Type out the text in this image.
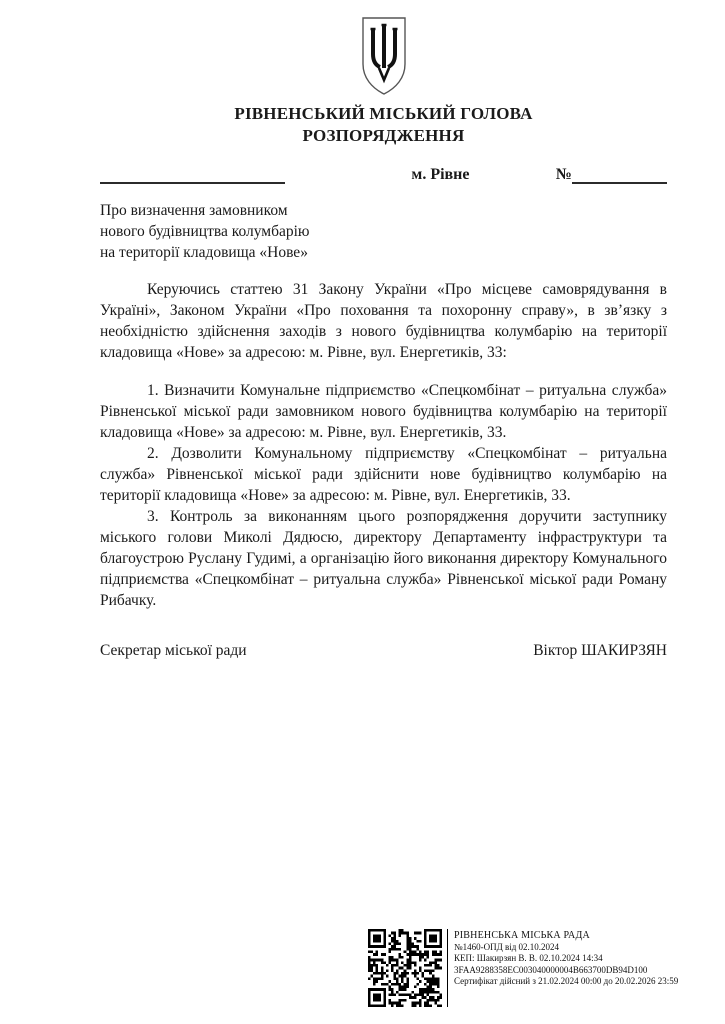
РІВНЕНСЬКИЙ МІСЬКИЙ ГОЛОВА
РОЗПОРЯДЖЕННЯ
м. Рівне	№
Про визначення замовником
нового будівництва колумбарію
на території кладовища «Нове»

Керуючись статтею 31 Закону України «Про місцеве самоврядування в Україні», Законом України «Про поховання та похоронну справу», в зв’язку з необхідністю здійснення заходів з нового будівництва колумбарію на території кладовища «Нове» за адресою: м. Рівне, вул. Енергетиків, 33:

1. Визначити Комунальне підприємство «Спецкомбінат – ритуальна служба» Рівненської міської ради замовником нового будівництва колумбарію на території кладовища «Нове» за адресою: м. Рівне, вул. Енергетиків, 33.

2. Дозволити Комунальному підприємству «Спецкомбінат – ритуальна служба» Рівненської міської ради здійснити нове будівництво колумбарію на території кладовища «Нове» за адресою: м. Рівне, вул. Енергетиків, 33.

3. Контроль за виконанням цього розпорядження доручити заступнику міського голови Миколі Дядюсю, директору Департаменту інфраструктури та благоустрою Руслану Гудимі, а організацію його виконання директору Комунального підприємства «Спецкомбінат – ритуальна служба» Рівненської міської ради Роману Рибачку.

Секретар міської ради	Віктор ШАКИРЗЯН
РІВНЕНСЬКА МІСЬКА РАДА
№1460-ОПД від 02.10.2024
КЕП: Шакирзян В. В. 02.10.2024 14:34
3FAA9288358EC003040000004B663700DB94D100
Сертифікат дійсний з 21.02.2024 00:00 до 20.02.2026 23:59
